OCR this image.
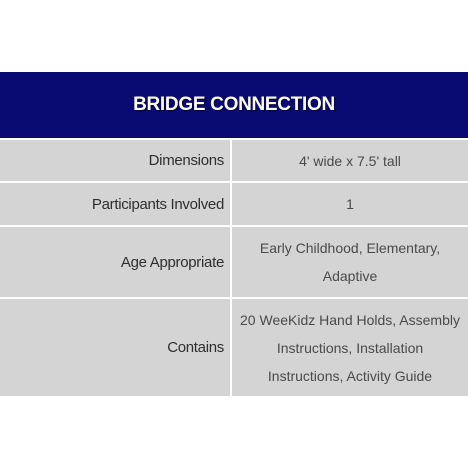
BRIDGE CONNECTION
Dimensions	4' wide x 7.5' tall
Participants Involved	1
Age Appropriate
Early Childhood, Elementary,
Adaptive
Contains
20 WeeKidz Hand Holds, Assembly
Instructions, Installation
Instructions, Activity Guide
